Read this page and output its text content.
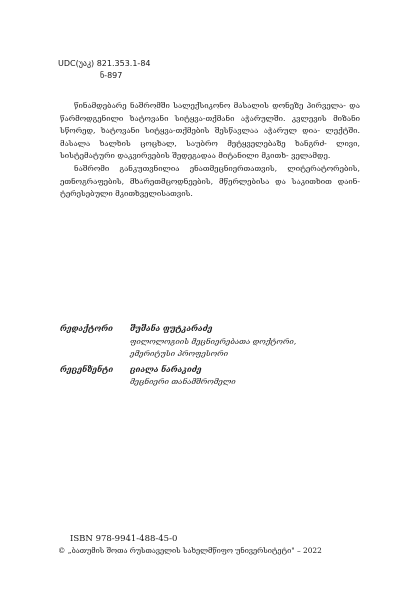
UDC(უაკ) 821.353.1-84
ნ-897

წინამდებარე ნაშრომში სალექსიკონო მასალის დონეზე პირველა- და წარმოდგენილი ხატოვანი სიტყვა-თქმანი აჭარულში. კვლევის მიზანი სწორედ, ხატოვანი სიტყვა-თქმების შესწავლაა აჭარულ დია- ლექტში. მასალა ხალხის ცოცხალ, საუბრო მეტყველებაზე ხანგრძ- ლივი, სისტემატური დაკვირვების შედეგადაა მიტანილი მკითხ- ველამდე.

ნაშრომი განკუთვნილია ენათმეცნიერთათვის, ლიტერატორების, ეთნოგრაფების, მხარეთმცოდნეების, მწერლებისა და საკითხით დაინ- ტერესებული მკითხველისათვის.

რედაქტორი	შუშანა ფუტკარაძე
ფილოლოგიის მეცნიერებათა დოქტორი,
ემერიტუსი პროფესორი
რეცენზენტი	ციალა ნარაკიძე
მეცნიერი თანამშრომელი
ISBN 978-9941-488-45-0
© „ბათუმის შოთა რუსთაველის სახელმწიფო უნივერსიტეტი" – 2022
